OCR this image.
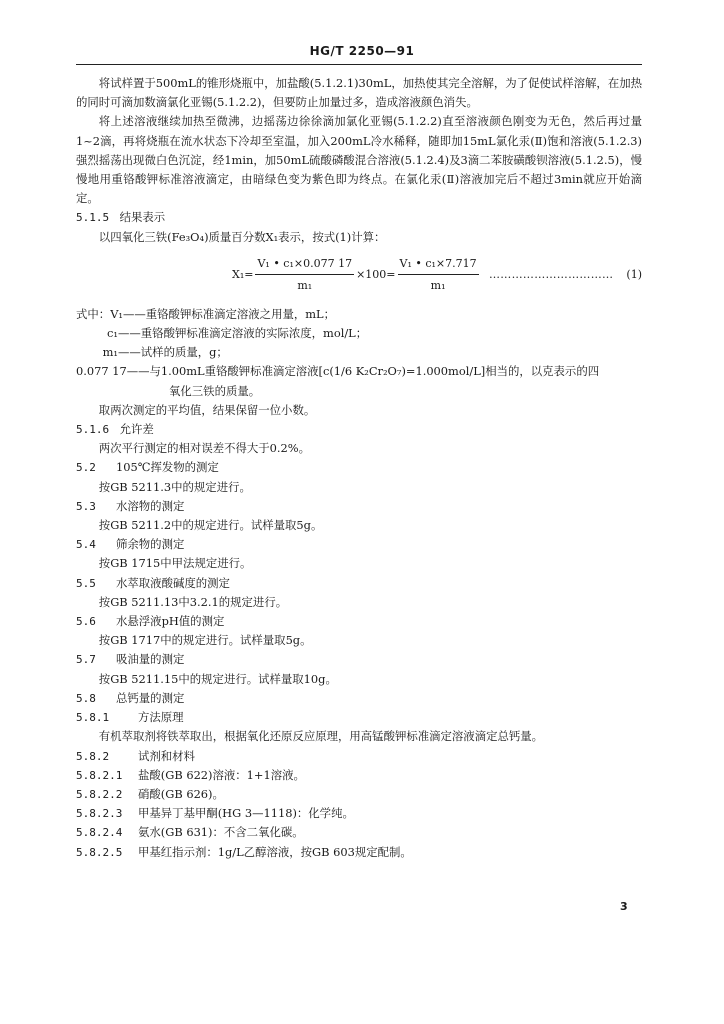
HG/T 2250—91

将试样置于500mL的锥形烧瓶中，加盐酸(5.1.2.1)30mL，加热使其完全溶解，为了促使试样溶解，在加热的同时可滴加数滴氯化亚锡(5.1.2.2)，但要防止加量过多，造成溶液颜色消失。

将上述溶液继续加热至微沸，边摇荡边徐徐滴加氯化亚锡(5.1.2.2)直至溶液颜色刚变为无色，然后再过量1~2滴，再将烧瓶在流水状态下冷却至室温，加入200mL冷水稀释，随即加15mL氯化汞(Ⅱ)饱和溶液(5.1.2.3)强烈摇荡出现微白色沉淀，经1min，加50mL硫酸磷酸混合溶液(5.1.2.4)及3滴二苯胺磺酸钡溶液(5.1.2.5)，慢慢地用重铬酸钾标准溶液滴定，由暗绿色变为紫色即为终点。在氯化汞(Ⅱ)溶液加完后不超过3min就应开始滴定。

5.1.5 结果表示

以四氧化三铁(Fe₃O₄)质量百分数X₁表示，按式(1)计算：

$X_1= \frac{\text{V₁ • c₁×0.077 17}}{\text{m₁}} \times 100= \frac{\text{V₁ • c₁×7.717}}{\text{m₁}}$ …………………………… (1)

式中：V₁——重铬酸钾标准滴定溶液之用量，mL；

c₁——重铬酸钾标准滴定溶液的实际浓度，mol/L；

m₁——试样的质量，g；

0.077 17——与1.00mL重铬酸钾标准滴定溶液[c(1/6 K₂Cr₂O₇)=1.000mol/L]相当的，以克表示的四
氧化三铁的质量。

取两次测定的平均值，结果保留一位小数。

5.1.6 允许差

两次平行测定的相对误差不得大于0.2%。

5.2 105℃挥发物的测定

按GB 5211.3中的规定进行。

5.3 水溶物的测定

按GB 5211.2中的规定进行。试样量取5g。

5.4 筛余物的测定

按GB 1715中甲法规定进行。

5.5 水萃取液酸碱度的测定

按GB 5211.13中3.2.1的规定进行。

5.6 水悬浮液pH值的测定

按GB 1717中的规定进行。试样量取5g。

5.7 吸油量的测定

按GB 5211.15中的规定进行。试样量取10g。

5.8 总钙量的测定

5.8.1	方法原理

有机萃取剂将铁萃取出，根据氧化还原反应原理，用高锰酸钾标准滴定溶液滴定总钙量。

5.8.2	试剂和材料

5.8.2.1 盐酸(GB 622)溶液：1+1溶液。

5.8.2.2 硝酸(GB 626)。

5.8.2.3 甲基异丁基甲酮(HG 3—1118)：化学纯。

5.8.2.4 氨水(GB 631)：不含二氧化碳。

5.8.2.5 甲基红指示剂：1g/L乙醇溶液，按GB 603规定配制。

3
